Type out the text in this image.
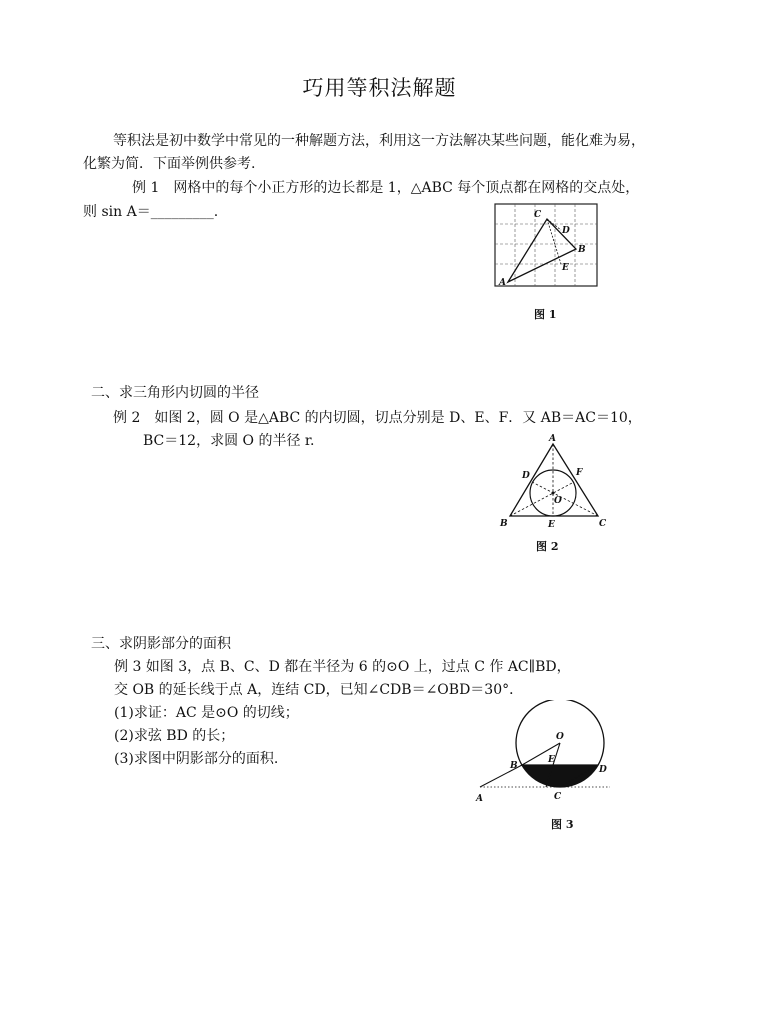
巧用等积法解题
等积法是初中数学中常见的一种解题方法，利用这一方法解决某些问题，能化难为易，
化繁为简．下面举例供参考.
例 1　网格中的每个小正方形的边长都是 1，△ABC 每个顶点都在网格的交点处，
则 sin A＝_________.
A
C
D
B
E
图 1
二、求三角形内切圆的半径
例 2　如图 2，圆 O 是△ABC 的内切圆，切点分别是 D、E、F．又 AB＝AC＝10，
BC＝12，求圆 O 的半径 r.	A
D	F
O
B	E	C
图 2
三、求阴影部分的面积
例 3 如图 3，点 B、C、D 都在半径为 6 的⊙O 上，过点 C 作 AC∥BD，
交 OB 的延长线于点 A，连结 CD，已知∠CDB＝∠OBD＝30°．
(1)求证：AC 是⊙O 的切线；
(2)求弦 BD 的长；
(3)求图中阴影部分的面积.
O
E
B	D
C
A
图 3
